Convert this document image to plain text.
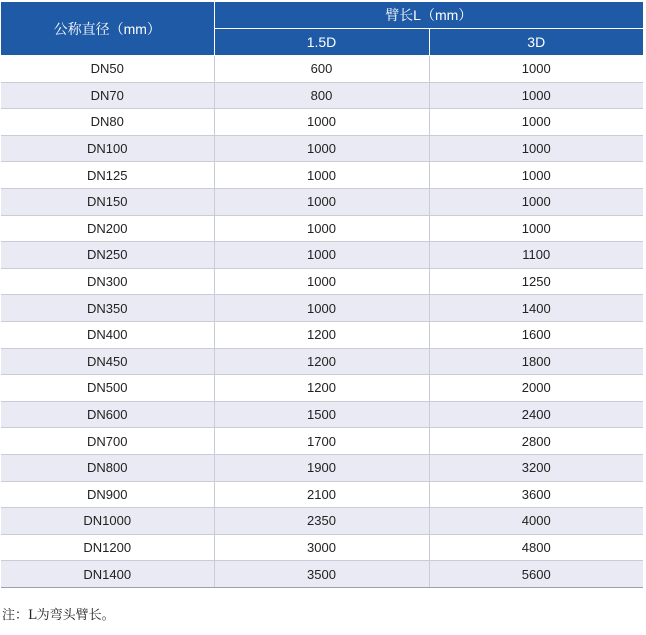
公称直径（mm）	臂长L（mm）	
	1.5D	3D
DN50	600	1000
DN70	800	1000
DN80	1000	1000
DN100	1000	1000
DN125	1000	1000
DN150	1000	1000
DN200	1000	1000
DN250	1000	1100
DN300	1000	1250
DN350	1000	1400
DN400	1200	1600
DN450	1200	1800
DN500	1200	2000
DN600	1500	2400
DN700	1700	2800
DN800	1900	3200
DN900	2100	3600
DN1000	2350	4000
DN1200	3000	4800
DN1400	3500	5600
注：L为弯头臂长。
